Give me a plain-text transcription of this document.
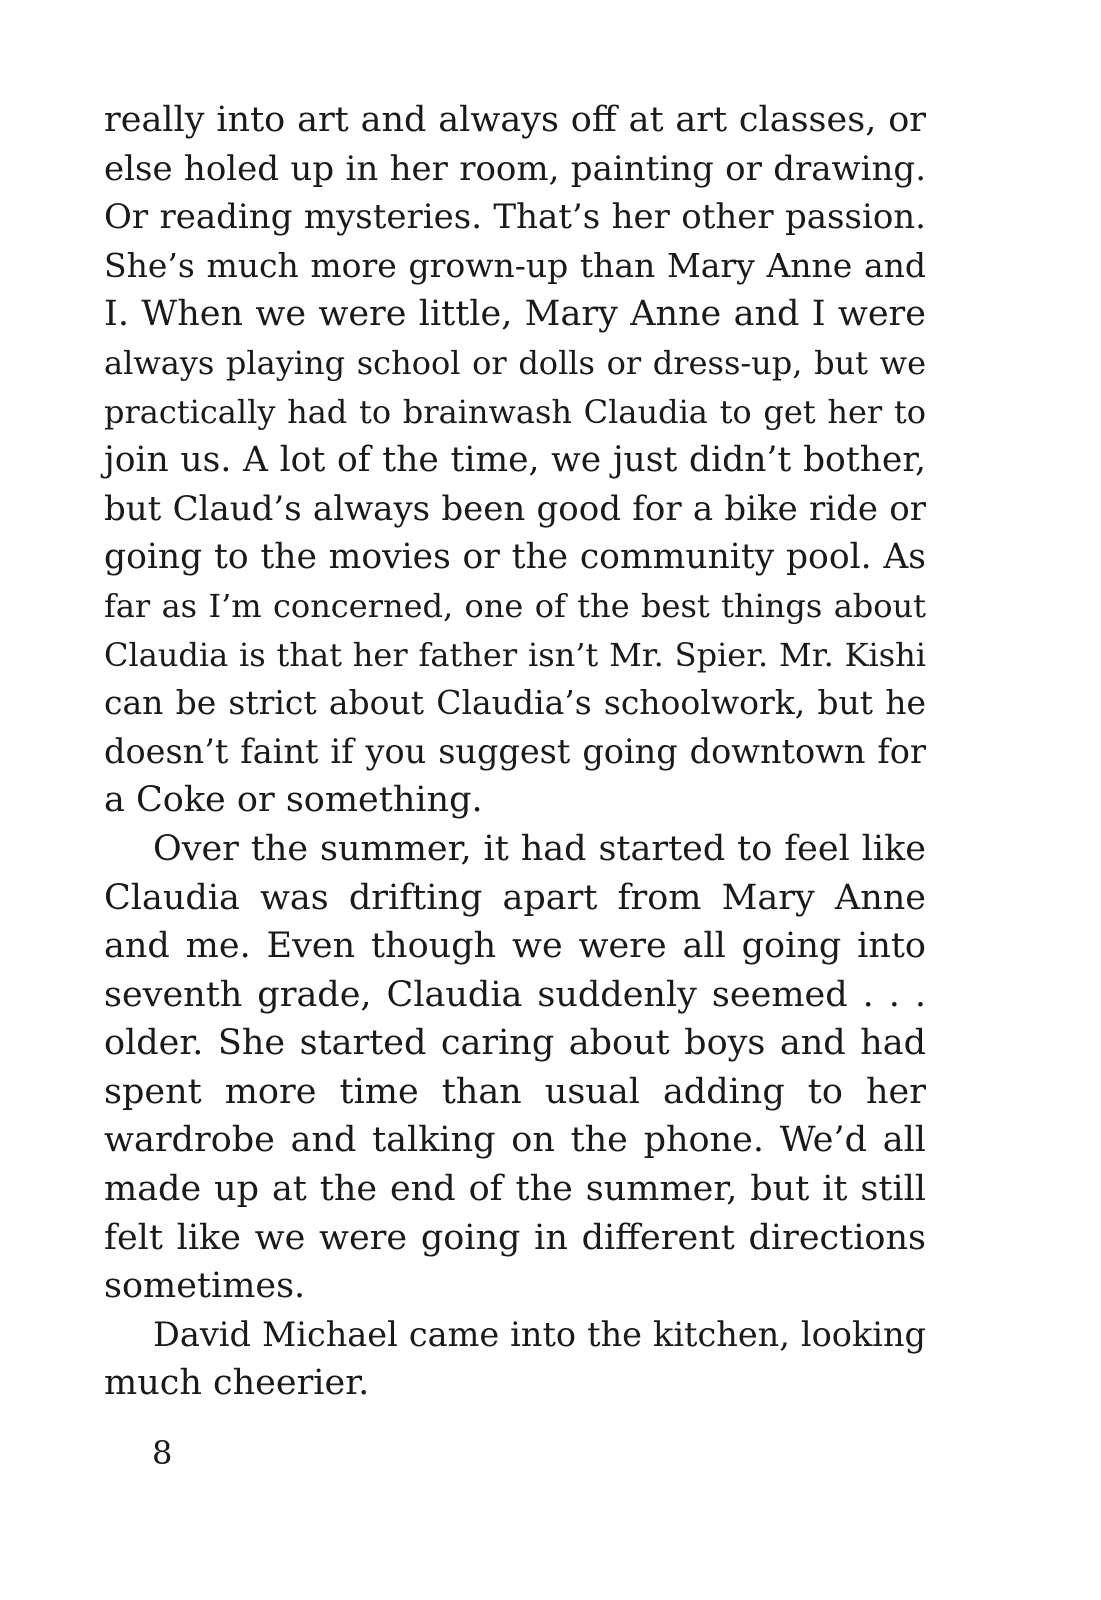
really into art and always off at art classes, or
else holed up in her room, painting or drawing.
Or reading mysteries. That’s her other passion.
She’s much more grown-up than Mary Anne and
I. When we were little, Mary Anne and I were
always playing school or dolls or dress-up, but we
practically had to brainwash Claudia to get her to
join us. A lot of the time, we just didn’t bother,
but Claud’s always been good for a bike ride or
going to the movies or the community pool. As
far as I’m concerned, one of the best things about
Claudia is that her father isn’t Mr. Spier. Mr. Kishi
can be strict about Claudia’s schoolwork, but he
doesn’t faint if you suggest going downtown for
a Coke or something.
Over the summer, it had started to feel like
Claudia was drifting apart from Mary Anne
and me. Even though we were all going into
seventh grade, Claudia suddenly seemed . . .
older. She started caring about boys and had
spent more time than usual adding to her
wardrobe and talking on the phone. We’d all
made up at the end of the summer, but it still
felt like we were going in different directions
sometimes.
David Michael came into the kitchen, looking
much cheerier.
8
